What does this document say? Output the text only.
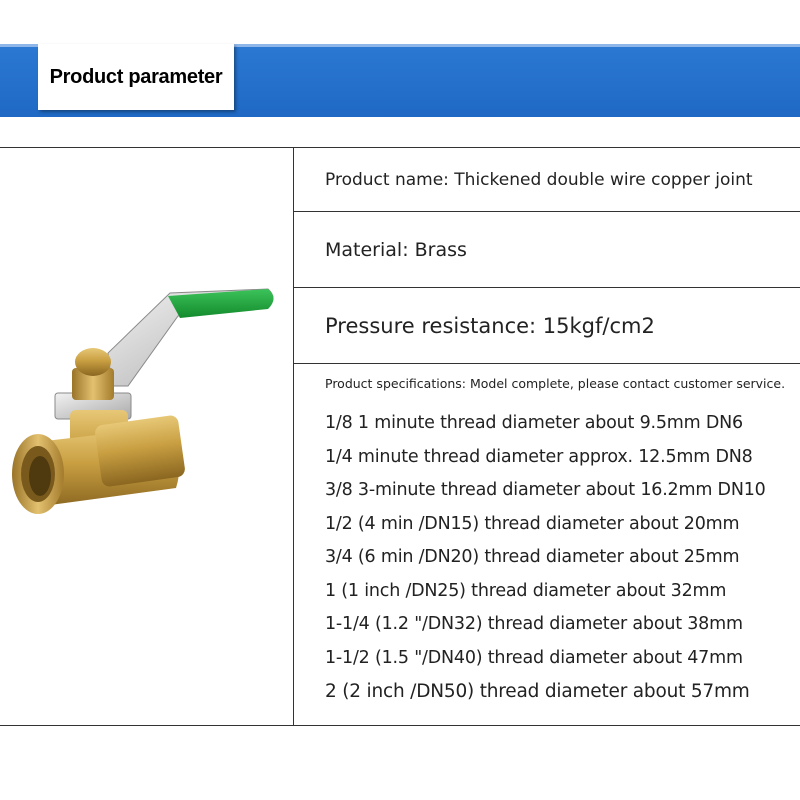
Product parameter
Product name: Thickened double wire copper joint
Material: Brass
Pressure resistance: 15kgf/cm2
Product specifications: Model complete, please contact customer service.
1/8 1 minute thread diameter about 9.5mm DN6
1/4 minute thread diameter approx. 12.5mm DN8
3/8 3-minute thread diameter about 16.2mm DN10
1/2 (4 min /DN15) thread diameter about 20mm
3/4 (6 min /DN20) thread diameter about 25mm
1 (1 inch /DN25) thread diameter about 32mm
1-1/4 (1.2 "/DN32) thread diameter about 38mm
1-1/2 (1.5 "/DN40) thread diameter about 47mm
2 (2 inch /DN50) thread diameter about 57mm
